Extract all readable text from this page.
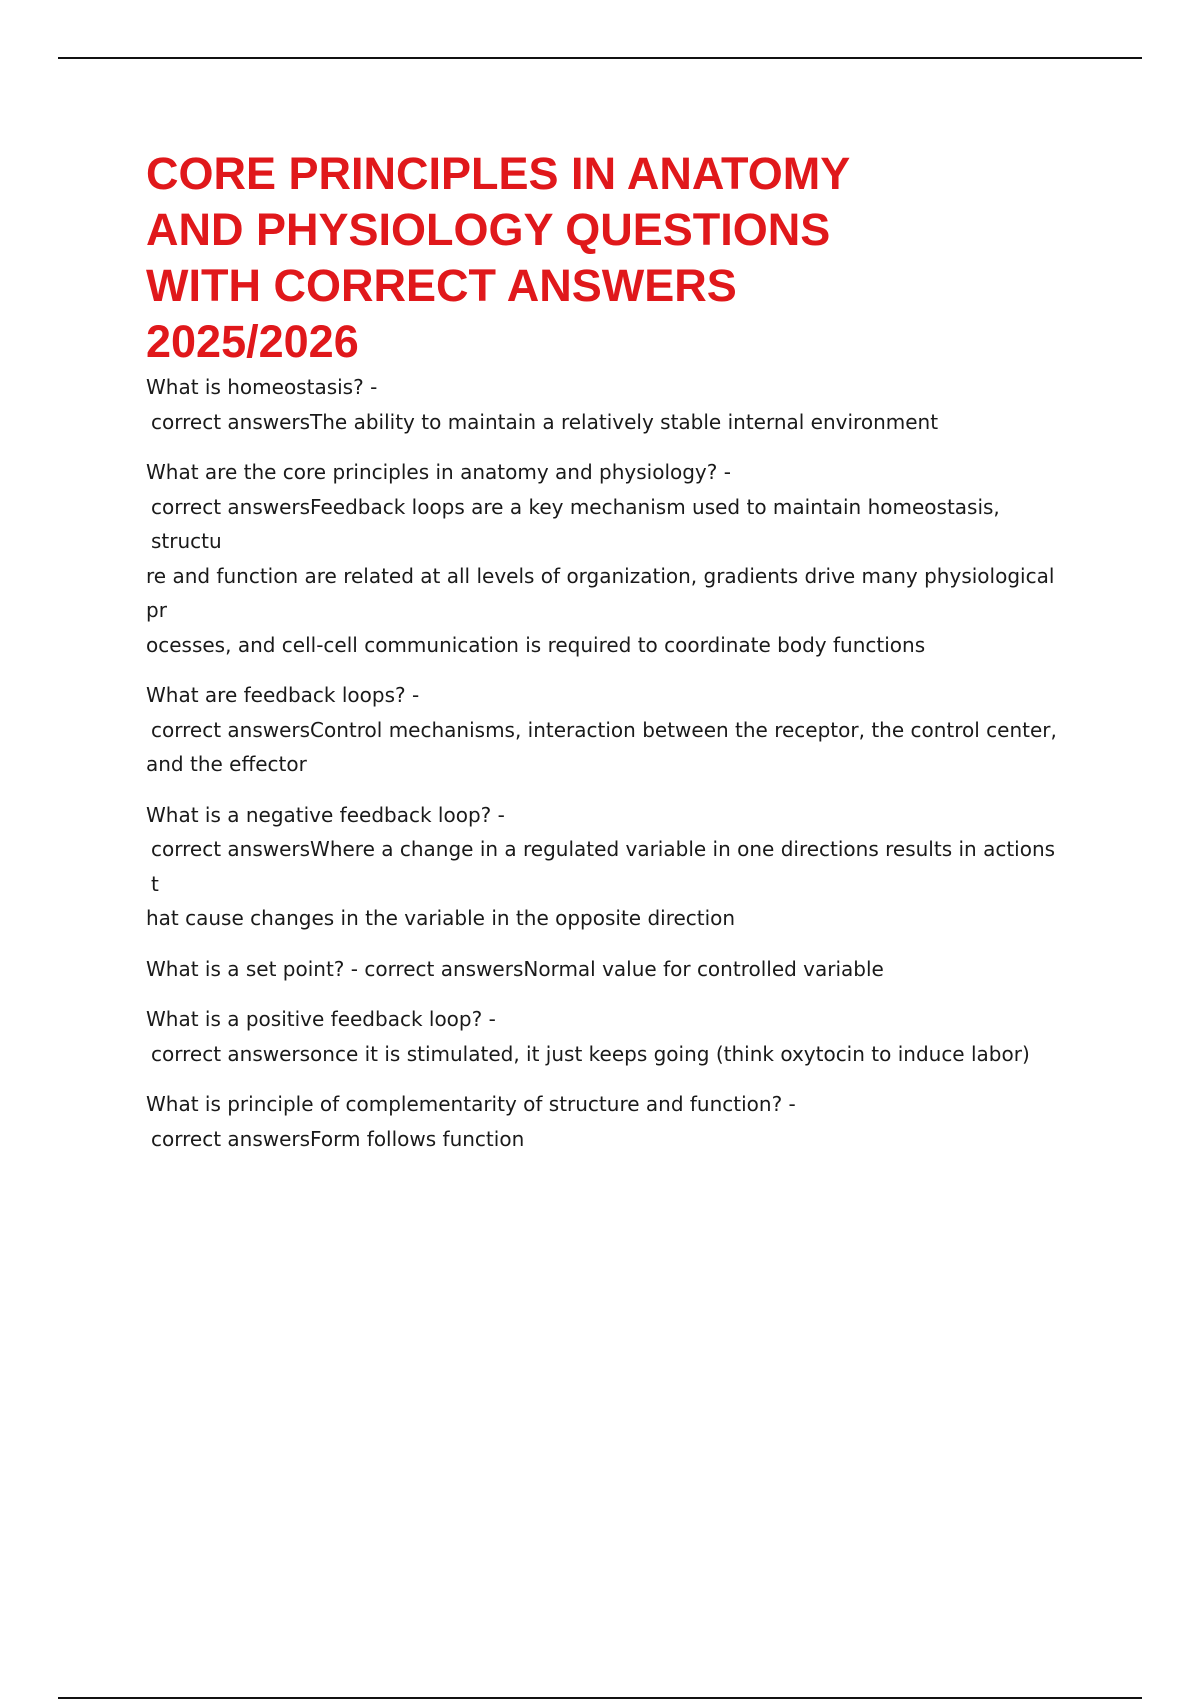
CORE PRINCIPLES IN ANATOMY
AND PHYSIOLOGY QUESTIONS
WITH CORRECT ANSWERS
2025/2026
What is homeostasis? -
correct answersThe ability to maintain a relatively stable internal environment
What are the core principles in anatomy and physiology? -
correct answersFeedback loops are a key mechanism used to maintain homeostasis, structu
re and function are related at all levels of organization, gradients drive many physiological pr
ocesses, and cell-cell communication is required to coordinate body functions
What are feedback loops? -
correct answersControl mechanisms, interaction between the receptor, the control center,
and the effector
What is a negative feedback loop? -
correct answersWhere a change in a regulated variable in one directions results in actions t
hat cause changes in the variable in the opposite direction
What is a set point? - correct answersNormal value for controlled variable
What is a positive feedback loop? -
correct answersonce it is stimulated, it just keeps going (think oxytocin to induce labor)
What is principle of complementarity of structure and function? -
correct answersForm follows function
